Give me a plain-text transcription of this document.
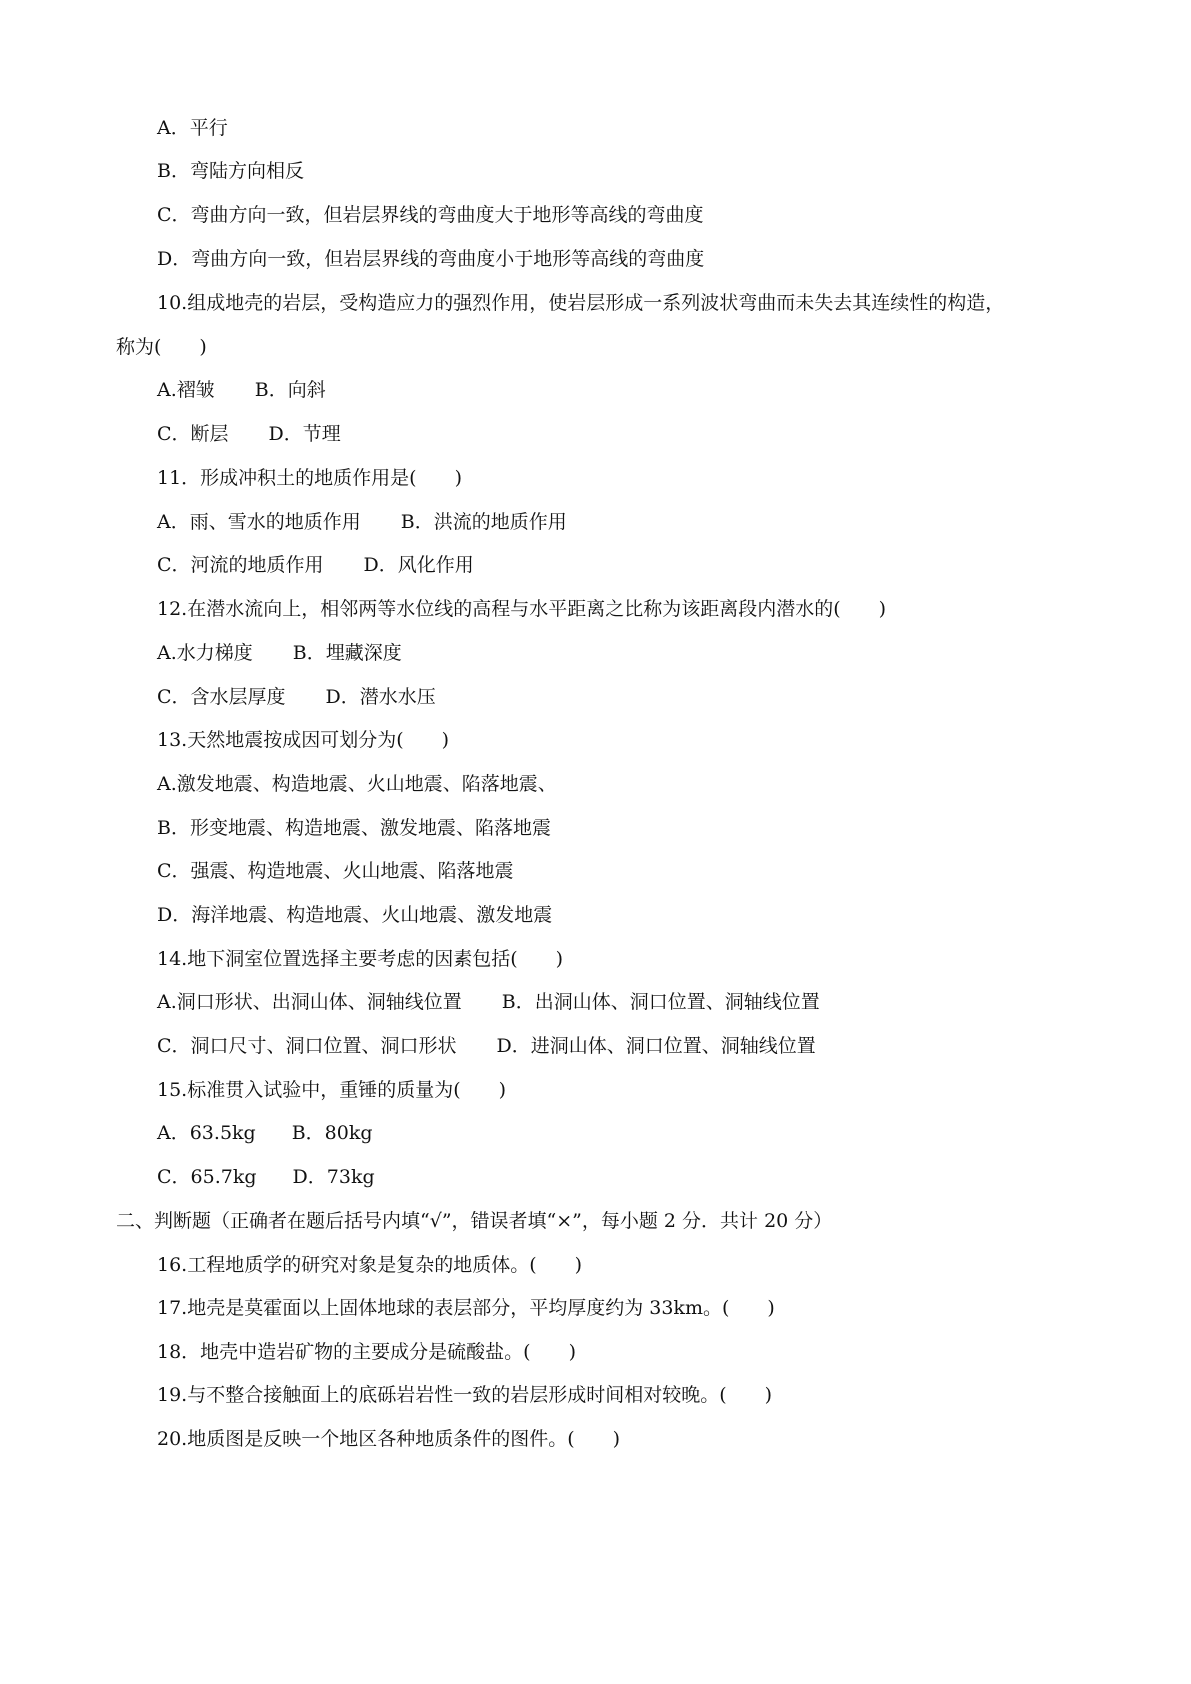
A．平行
B．弯陆方向相反
C．弯曲方向一致，但岩层界线的弯曲度大于地形等高线的弯曲度
D．弯曲方向一致，但岩层界线的弯曲度小于地形等高线的弯曲度
10.组成地壳的岩层，受构造应力的强烈作用，使岩层形成一系列波状弯曲而未失去其连续性的构造，
称为(　　)
A.褶皱 B．向斜
C．断层 D．节理
11．形成冲积土的地质作用是(　　)
A．雨、雪水的地质作用 B．洪流的地质作用
C．河流的地质作用 D．风化作用
12.在潜水流向上，相邻两等水位线的高程与水平距离之比称为该距离段内潜水的(　　)
A.水力梯度 B．埋藏深度
C．含水层厚度 D．潜水水压
13.天然地震按成因可划分为(　　)
A.激发地震、构造地震、火山地震、陷落地震、
B．形变地震、构造地震、激发地震、陷落地震
C．强震、构造地震、火山地震、陷落地震
D．海洋地震、构造地震、火山地震、激发地震
14.地下洞室位置选择主要考虑的因素包括(　　)
A.洞口形状、出洞山体、洞轴线位置 B．出洞山体、洞口位置、洞轴线位置
C．洞口尺寸、洞口位置、洞口形状 D．进洞山体、洞口位置、洞轴线位置
15.标准贯入试验中，重锤的质量为(　　)
A．63.5kg B．80kg
C．65.7kg D．73kg
二、判断题（正确者在题后括号内填“√”，错误者填“×”，每小题 2 分．共计 20 分）
16.工程地质学的研究对象是复杂的地质体。(　　)
17.地壳是莫霍面以上固体地球的表层部分，平均厚度约为 33km。(　　)
18．地壳中造岩矿物的主要成分是硫酸盐。(　　)
19.与不整合接触面上的底砾岩岩性一致的岩层形成时间相对较晚。(　　)
20.地质图是反映一个地区各种地质条件的图件。(　　)
